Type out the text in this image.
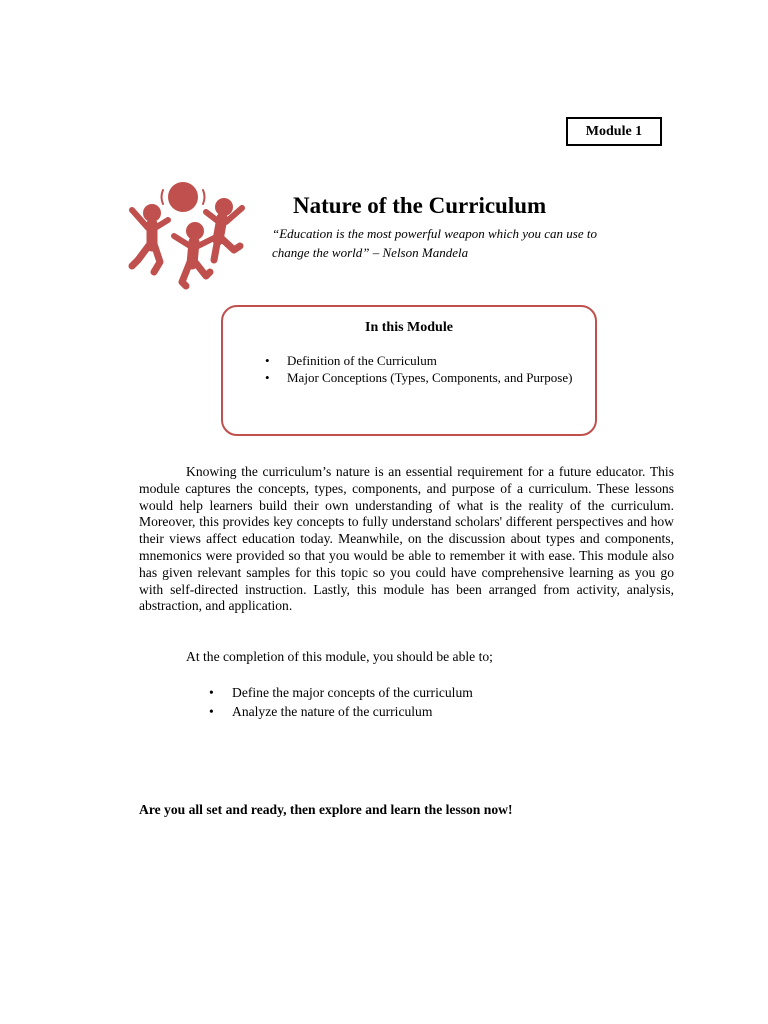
Module 1
Nature of the Curriculum
“Education is the most powerful weapon which you can use to change the world” – Nelson Mandela
In this Module
• Definition of the Curriculum
• Major Conceptions (Types, Components, and Purpose)

Knowing the curriculum’s nature is an essential requirement for a future educator. This module captures the concepts, types, components, and purpose of a curriculum. These lessons would help learners build their own understanding of what is the reality of the curriculum. Moreover, this provides key concepts to fully understand scholars' different perspectives and how their views affect education today. Meanwhile, on the discussion about types and components, mnemonics were provided so that you would be able to remember it with ease. This module also has given relevant samples for this topic so you could have comprehensive learning as you go with self-directed instruction. Lastly, this module has been arranged from activity, analysis, abstraction, and application.

At the completion of this module, you should be able to;

• Define the major concepts of the curriculum
• Analyze the nature of the curriculum

Are you all set and ready, then explore and learn the lesson now!
